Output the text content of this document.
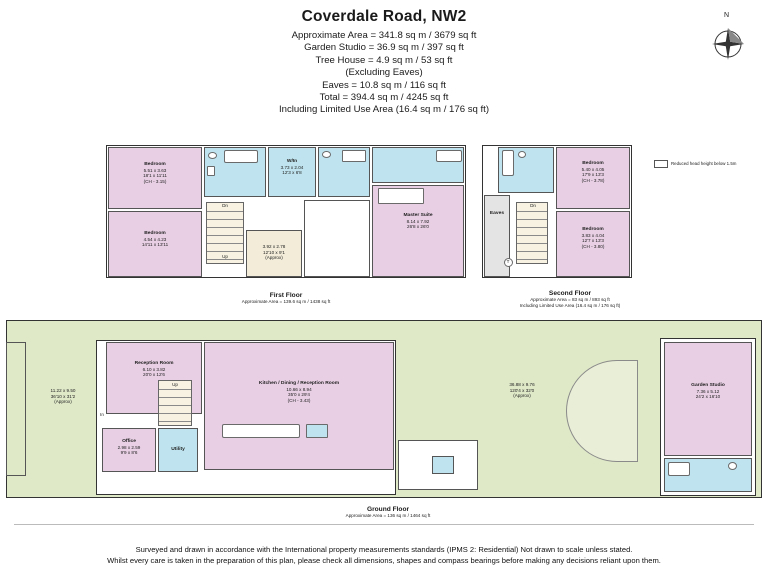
Coverdale Road, NW2
Approximate Area = 341.8 sq m / 3679 sq ft
Garden Studio = 36.9 sq m / 397 sq ft
Tree House = 4.9 sq m / 53 sq ft
(Excluding Eaves)
Eaves = 10.8 sq m / 116 sq ft
Total = 394.4 sq m / 4245 sq ft
Including Limited Use Area (16.4 sq m / 176 sq ft)
N
Bedroom
5.51 x 3.63
18'1 x 11'11
(CH - 3.15)
Bedroom
4.54 x 4.23
14'11 x 13'11
W/In
3.73 x 2.04
12'3 x 6'8
Master Suite
8.14 x 7.92
26'8 x 26'0
Dn
Up
3.92 x 2.78
12'10 x 9'1
(Approx)
First Floor
Approximate Area = 139.6 sq m / 1438 sq ft
Eaves
Bedroom
5.40 x 4.05
17'9 x 13'3
(CH - 3.78)
Bedroom
3.83 x 4.04
12'7 x 13'3
(CH - 3.80)
Dn
T
Second Floor
Approximate Area = 83 sq m / 893 sq ft
Including Limited Use Area (16.4 sq m / 176 sq ft)
Reduced head height below 1.5m
11.22 x 9.50
36'10 x 31'2
(Approx)
Reception Room
6.10 x 3.82
20'0 x 12'6
Kitchen / Dining / Reception Room
10.66 x 8.94
35'0 x 29'4
(CH - 3.43)
Office
2.98 x 2.59
9'9 x 8'6
Utility
Up
In
36.88 x 9.76
120'4 x 32'0
(Approx)
Garden Studio
7.36 x 5.12
24'2 x 16'10
Ground Floor
Approximate Area = 136 sq m / 1464 sq ft
Surveyed and drawn in accordance with the International property measurements standards (IPMS 2: Residential) Not drawn to scale unless stated.
Whilst every care is taken in the preparation of this plan, please check all dimensions, shapes and compass bearings before making any decisions reliant upon them.
